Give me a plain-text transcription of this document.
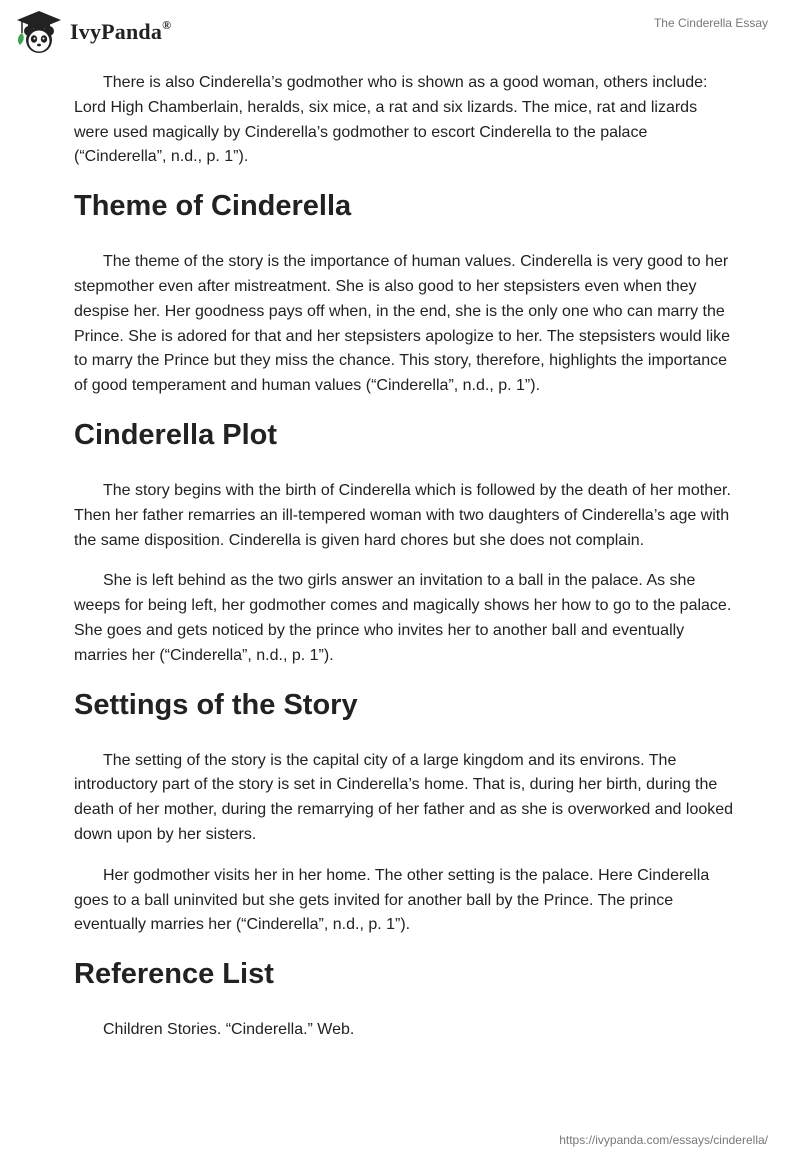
IvyPanda®	The Cinderella Essay

There is also Cinderella’s godmother who is shown as a good woman, others include: Lord High Chamberlain, heralds, six mice, a rat and six lizards. The mice, rat and lizards were used magically by Cinderella’s godmother to escort Cinderella to the palace (“Cinderella”, n.d., p. 1”).

Theme of Cinderella

The theme of the story is the importance of human values. Cinderella is very good to her stepmother even after mistreatment. She is also good to her stepsisters even when they despise her. Her goodness pays off when, in the end, she is the only one who can marry the Prince. She is adored for that and her stepsisters apologize to her. The stepsisters would like to marry the Prince but they miss the chance. This story, therefore, highlights the importance of good temperament and human values (“Cinderella”, n.d., p. 1”).

Cinderella Plot

The story begins with the birth of Cinderella which is followed by the death of her mother. Then her father remarries an ill-tempered woman with two daughters of Cinderella’s age with the same disposition. Cinderella is given hard chores but she does not complain.

She is left behind as the two girls answer an invitation to a ball in the palace. As she weeps for being left, her godmother comes and magically shows her how to go to the palace. She goes and gets noticed by the prince who invites her to another ball and eventually marries her (“Cinderella”, n.d., p. 1”).

Settings of the Story

The setting of the story is the capital city of a large kingdom and its environs. The introductory part of the story is set in Cinderella’s home. That is, during her birth, during the death of her mother, during the remarrying of her father and as she is overworked and looked down upon by her sisters.

Her godmother visits her in her home. The other setting is the palace. Here Cinderella goes to a ball uninvited but she gets invited for another ball by the Prince. The prince eventually marries her (“Cinderella”, n.d., p. 1”).

Reference List

Children Stories. “Cinderella.” Web.

https://ivypanda.com/essays/cinderella/
